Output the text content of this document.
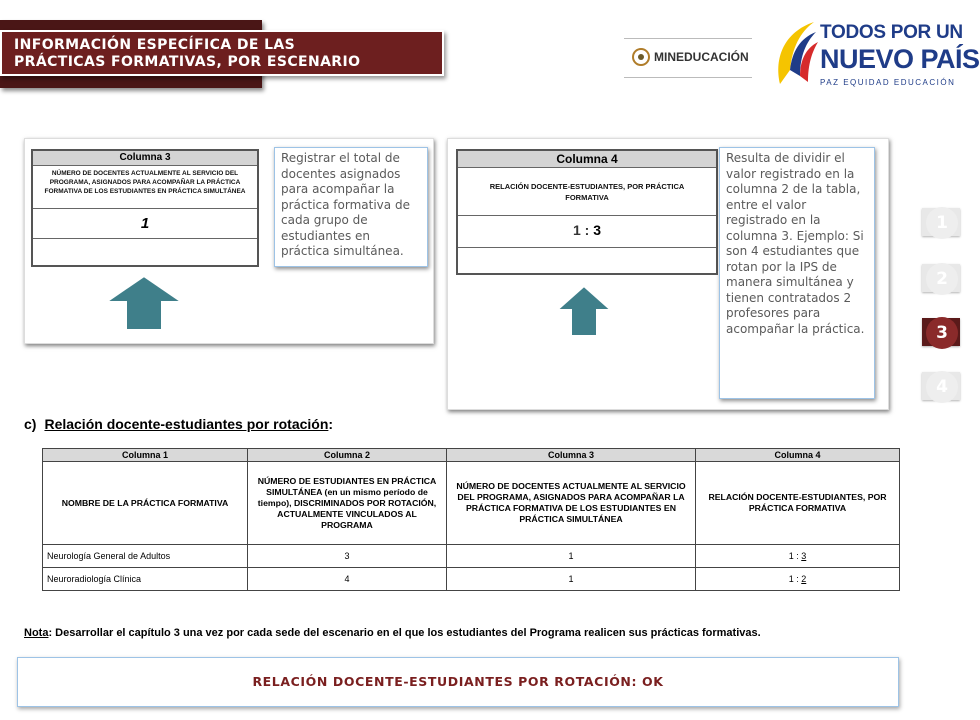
INFORMACIÓN ESPECÍFICA DE LAS
PRÁCTICAS FORMATIVAS, POR ESCENARIO	MINEDUCACIÓN
TODOS POR UN
NUEVO PAÍS
PAZ EQUIDAD EDUCACIÓN
Columna 3
NÚMERO DE DOCENTES ACTUALMENTE AL SERVICIO DEL PROGRAMA, ASIGNADOS PARA ACOMPAÑAR LA PRÁCTICA FORMATIVA DE LOS ESTUDIANTES EN PRÁCTICA SIMULTÁNEA
1
Registrar el total de docentes asignados para acompañar la práctica formativa de cada grupo de estudiantes en práctica simultánea.
Columna 4
RELACIÓN DOCENTE-ESTUDIANTES, POR PRÁCTICA FORMATIVA
1 : 3
Resulta de dividir el valor registrado en la columna 2 de la tabla, entre el valor registrado en la columna 3. Ejemplo: Si son 4 estudiantes que rotan por la IPS de manera simultánea y tienen contratados 2 profesores para acompañar la práctica.
1
2
3
4
c) Relación docente-estudiantes por rotación:
Columna 1	Columna 2	Columna 3	Columna 4
NOMBRE DE LA PRÁCTICA FORMATIVA	NÚMERO DE ESTUDIANTES EN PRÁCTICA SIMULTÁNEA (en un mismo período de tiempo), DISCRIMINADOS POR ROTACIÓN, ACTUALMENTE VINCULADOS AL PROGRAMA	NÚMERO DE DOCENTES ACTUALMENTE AL SERVICIO DEL PROGRAMA, ASIGNADOS PARA ACOMPAÑAR LA PRÁCTICA FORMATIVA DE LOS ESTUDIANTES EN PRÁCTICA SIMULTÁNEA	RELACIÓN DOCENTE-ESTUDIANTES, POR PRÁCTICA FORMATIVA
Neurología General de Adultos	3	1	1 : 3
Neuroradiología Clínica	4	1	1 : 2
Nota: Desarrollar el capítulo 3 una vez por cada sede del escenario en el que los estudiantes del Programa realicen sus prácticas formativas.
RELACIÓN DOCENTE-ESTUDIANTES POR ROTACIÓN: OK
